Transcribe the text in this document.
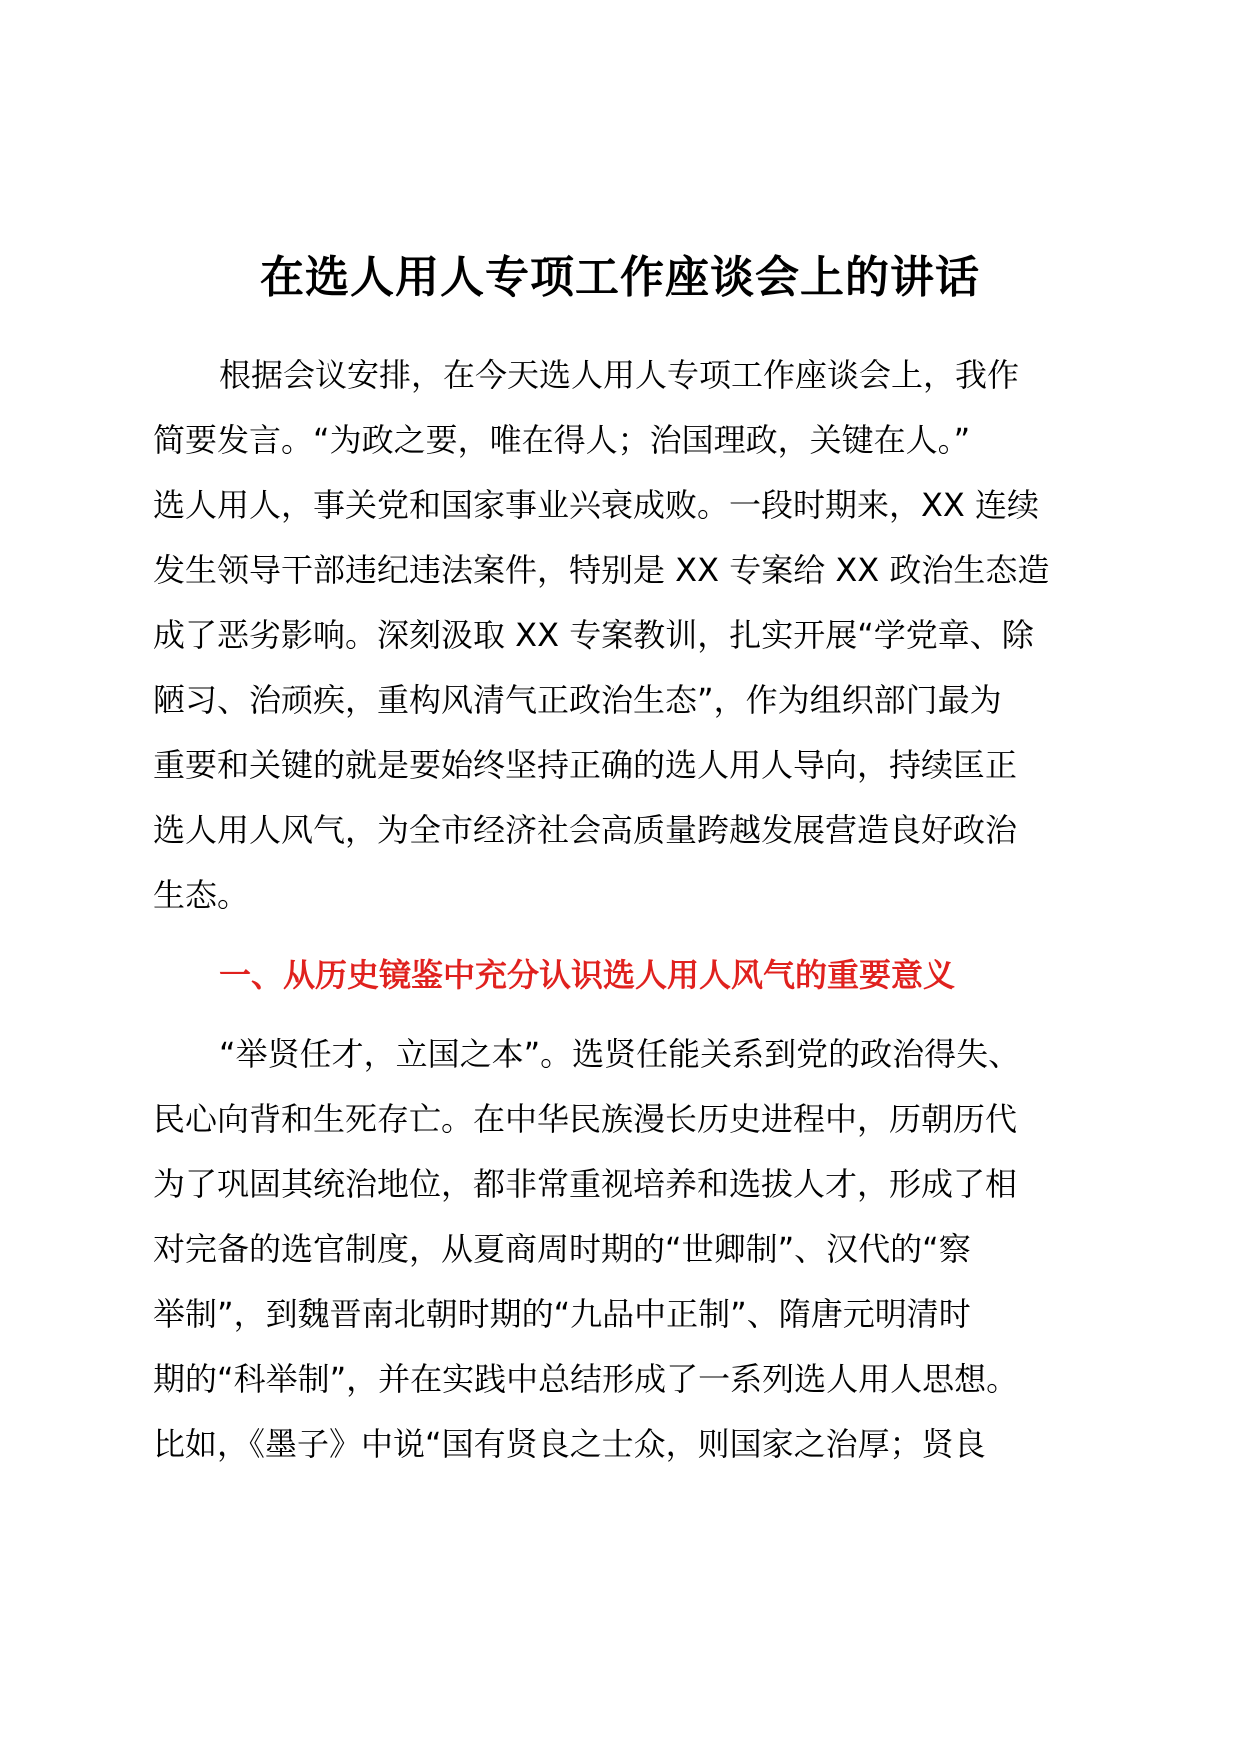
在选人用人专项工作座谈会上的讲话
根据会议安排，在今天选人用人专项工作座谈会上，我作
简要发言。“为政之要，唯在得人；治国理政，关键在人。”
选人用人，事关党和国家事业兴衰成败。一段时期来，XX 连续
发生领导干部违纪违法案件，特别是 XX 专案给 XX 政治生态造
成了恶劣影响。深刻汲取 XX 专案教训，扎实开展“学党章、除
陋习、治顽疾，重构风清气正政治生态”，作为组织部门最为
重要和关键的就是要始终坚持正确的选人用人导向，持续匡正
选人用人风气，为全市经济社会高质量跨越发展营造良好政治
生态。
一、从历史镜鉴中充分认识选人用人风气的重要意义
“举贤任才，立国之本”。选贤任能关系到党的政治得失、
民心向背和生死存亡。在中华民族漫长历史进程中，历朝历代
为了巩固其统治地位，都非常重视培养和选拔人才，形成了相
对完备的选官制度，从夏商周时期的“世卿制”、汉代的“察
举制”，到魏晋南北朝时期的“九品中正制”、隋唐元明清时
期的“科举制”，并在实践中总结形成了一系列选人用人思想。
比如，《墨子》中说“国有贤良之士众，则国家之治厚；贤良
